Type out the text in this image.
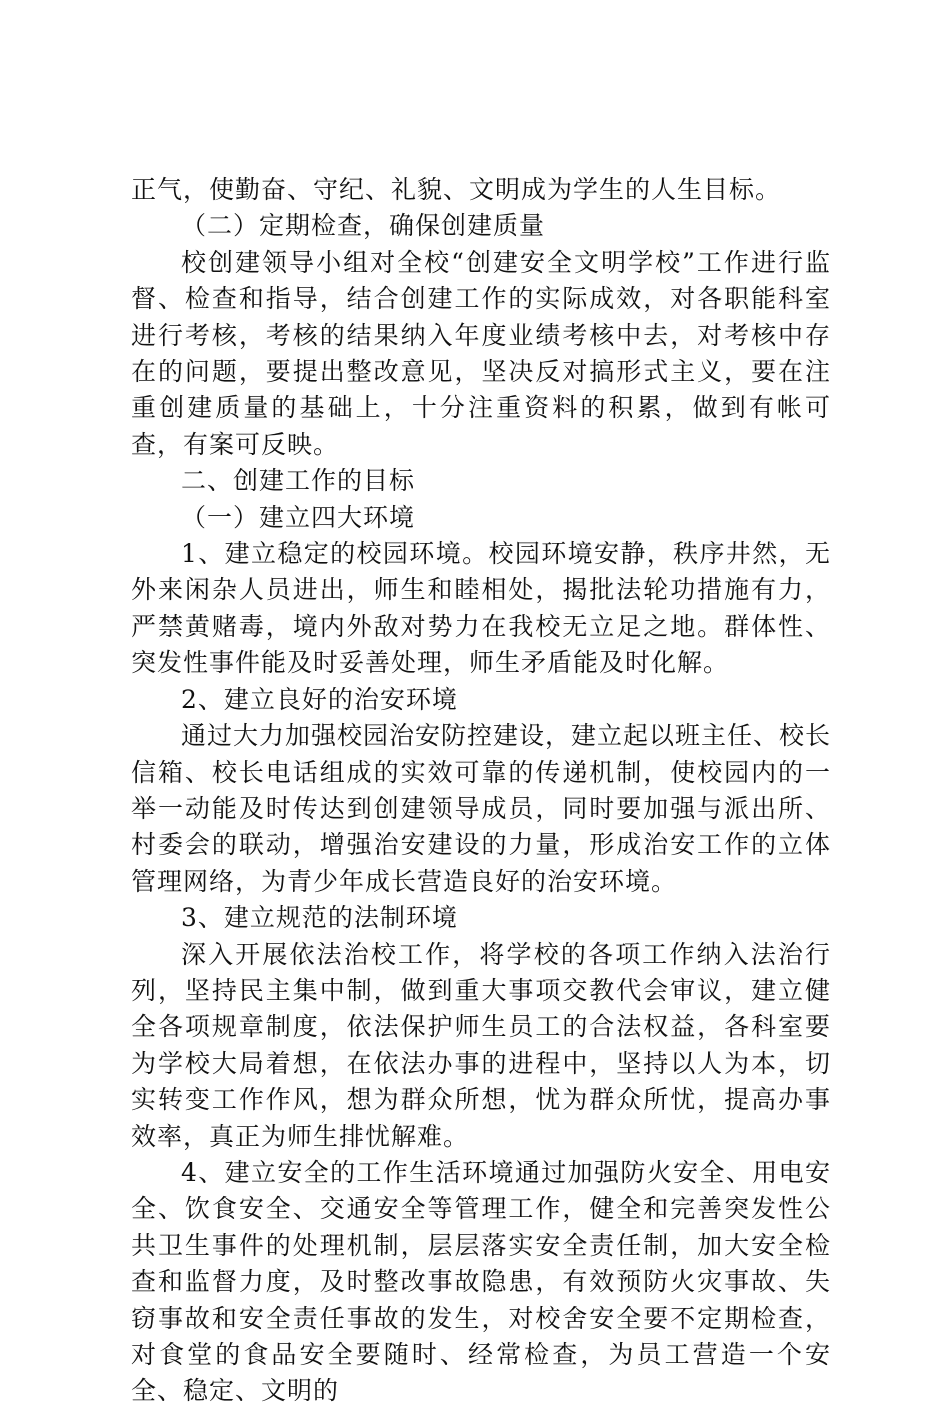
正气，使勤奋、守纪、礼貌、文明成为学生的人生目标。

（二）定期检查，确保创建质量

校创建领导小组对全校“创建安全文明学校”工作进行监督、检查和指导，结合创建工作的实际成效，对各职能科室进行考核，考核的结果纳入年度业绩考核中去，对考核中存在的问题，要提出整改意见，坚决反对搞形式主义，要在注重创建质量的基础上，十分注重资料的积累，做到有帐可查，有案可反映。

二、创建工作的目标

（一）建立四大环境

1、建立稳定的校园环境。校园环境安静，秩序井然，无外来闲杂人员进出，师生和睦相处，揭批法轮功措施有力，严禁黄赌毒，境内外敌对势力在我校无立足之地。群体性、突发性事件能及时妥善处理，师生矛盾能及时化解。

2、建立良好的治安环境

通过大力加强校园治安防控建设，建立起以班主任、校长信箱、校长电话组成的实效可靠的传递机制，使校园内的一举一动能及时传达到创建领导成员，同时要加强与派出所、村委会的联动，增强治安建设的力量，形成治安工作的立体管理网络，为青少年成长营造良好的治安环境。

3、建立规范的法制环境

深入开展依法治校工作，将学校的各项工作纳入法治行列，坚持民主集中制，做到重大事项交教代会审议，建立健全各项规章制度，依法保护师生员工的合法权益，各科室要为学校大局着想，在依法办事的进程中，坚持以人为本，切实转变工作作风，想为群众所想，忧为群众所忧，提高办事效率，真正为师生排忧解难。

4、建立安全的工作生活环境通过加强防火安全、用电安全、饮食安全、交通安全等管理工作，健全和完善突发性公共卫生事件的处理机制，层层落实安全责任制，加大安全检查和监督力度，及时整改事故隐患，有效预防火灾事故、失窃事故和安全责任事故的发生，对校舍安全要不定期检查，对食堂的食品安全要随时、经常检查，为员工营造一个安全、稳定、文明的
